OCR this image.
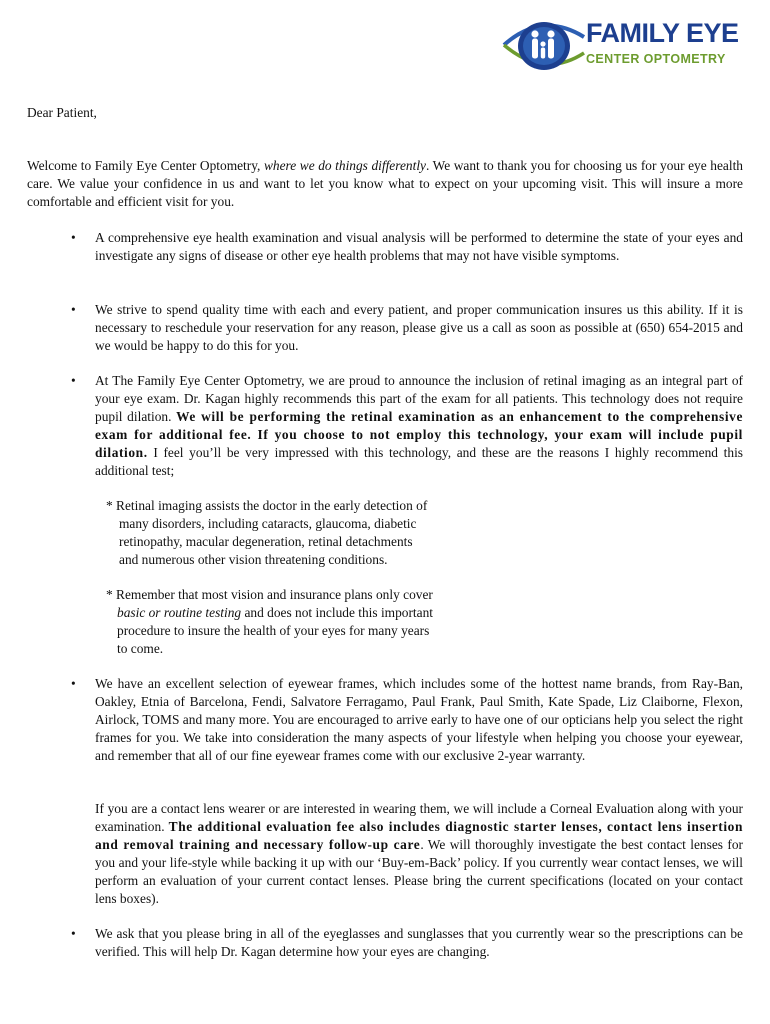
FAMILY EYE
CENTER OPTOMETRY

Dear Patient,

Welcome to Family Eye Center Optometry, where we do things differently. We want to thank you for choosing us for your eye health care. We value your confidence in us and want to let you know what to expect on your upcoming visit. This will insure a more comfortable and efficient visit for you.

• A comprehensive eye health examination and visual analysis will be performed to determine the state of your eyes and investigate any signs of disease or other eye health problems that may not have visible symptoms.

• We strive to spend quality time with each and every patient, and proper communication insures us this ability. If it is necessary to reschedule your reservation for any reason, please give us a call as soon as possible at (650) 654-2015 and we would be happy to do this for you.

• At The Family Eye Center Optometry, we are proud to announce the inclusion of retinal imaging as an integral part of your eye exam. Dr. Kagan highly recommends this part of the exam for all patients. This technology does not require pupil dilation. We will be performing the retinal examination as an enhancement to the comprehensive exam for additional fee. If you choose to not employ this technology, your exam will include pupil dilation. I feel you’ll be very impressed with this technology, and these are the reasons I highly recommend this additional test;

* Retinal imaging assists the doctor in the early detection of
many disorders, including cataracts, glaucoma, diabetic
retinopathy, macular degeneration, retinal detachments
and numerous other vision threatening conditions.

* Remember that most vision and insurance plans only cover
basic or routine testing and does not include this important
procedure to insure the health of your eyes for many years
to come.

• We have an excellent selection of eyewear frames, which includes some of the hottest name brands, from Ray-Ban, Oakley, Etnia of Barcelona, Fendi, Salvatore Ferragamo, Paul Frank, Paul Smith, Kate Spade, Liz Claiborne, Flexon, Airlock, TOMS and many more. You are encouraged to arrive early to have one of our opticians help you select the right frames for you. We take into consideration the many aspects of your lifestyle when helping you choose your eyewear, and remember that all of our fine eyewear frames come with our exclusive 2-year warranty.

If you are a contact lens wearer or are interested in wearing them, we will include a Corneal Evaluation along with your examination. The additional evaluation fee also includes diagnostic starter lenses, contact lens insertion and removal training and necessary follow-up care. We will thoroughly investigate the best contact lenses for you and your life-style while backing it up with our ‘Buy-em-Back’ policy. If you currently wear contact lenses, we will perform an evaluation of your current contact lenses. Please bring the current specifications (located on your contact lens boxes).

• We ask that you please bring in all of the eyeglasses and sunglasses that you currently wear so the prescriptions can be verified. This will help Dr. Kagan determine how your eyes are changing.
